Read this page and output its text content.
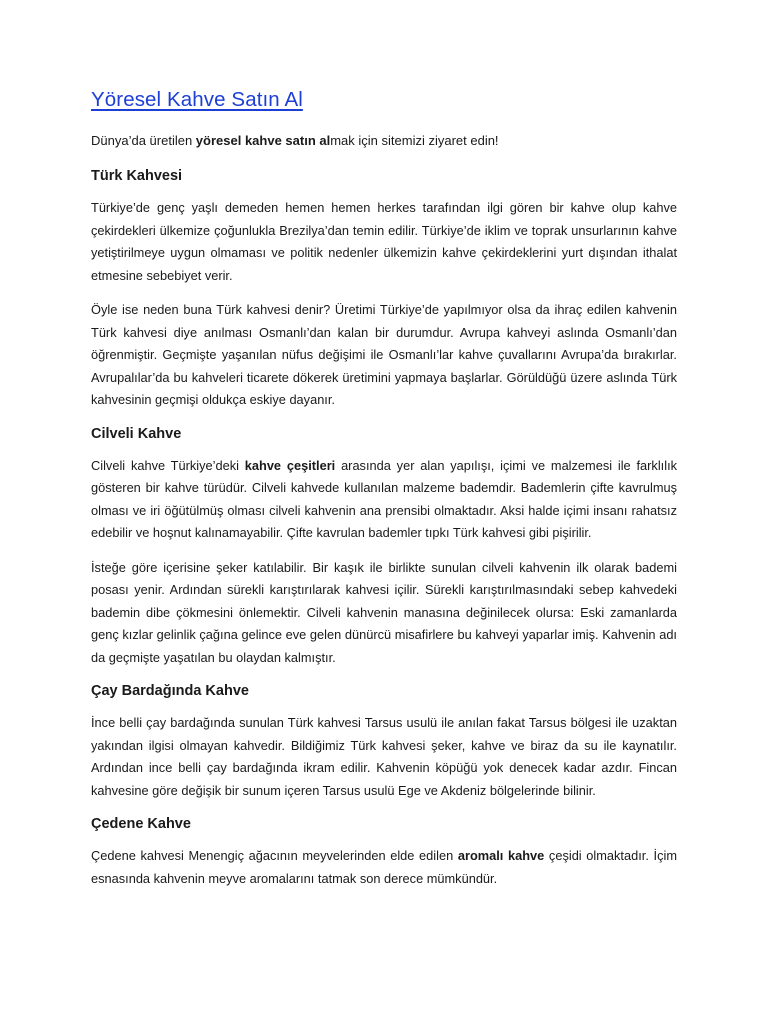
Yöresel Kahve Satın Al

Dünya’da üretilen yöresel kahve satın almak için sitemizi ziyaret edin!

Türk Kahvesi

Türkiye’de genç yaşlı demeden hemen hemen herkes tarafından ilgi gören bir kahve olup kahve çekirdekleri ülkemize çoğunlukla Brezilya’dan temin edilir. Türkiye’de iklim ve toprak unsurlarının kahve yetiştirilmeye uygun olmaması ve politik nedenler ülkemizin kahve çekirdeklerini yurt dışından ithalat etmesine sebebiyet verir.

Öyle ise neden buna Türk kahvesi denir? Üretimi Türkiye’de yapılmıyor olsa da ihraç edilen kahvenin Türk kahvesi diye anılması Osmanlı’dan kalan bir durumdur. Avrupa kahveyi aslında Osmanlı’dan öğrenmiştir. Geçmişte yaşanılan nüfus değişimi ile Osmanlı’lar kahve çuvallarını Avrupa’da bırakırlar. Avrupalılar’da bu kahveleri ticarete dökerek üretimini yapmaya başlarlar. Görüldüğü üzere aslında Türk kahvesinin geçmişi oldukça eskiye dayanır.

Cilveli Kahve

Cilveli kahve Türkiye’deki kahve çeşitleri arasında yer alan yapılışı, içimi ve malzemesi ile farklılık gösteren bir kahve türüdür. Cilveli kahvede kullanılan malzeme bademdir. Bademlerin çifte kavrulmuş olması ve iri öğütülmüş olması cilveli kahvenin ana prensibi olmaktadır. Aksi halde içimi insanı rahatsız edebilir ve hoşnut kalınamayabilir. Çifte kavrulan bademler tıpkı Türk kahvesi gibi pişirilir.

İsteğe göre içerisine şeker katılabilir. Bir kaşık ile birlikte sunulan cilveli kahvenin ilk olarak bademi posası yenir. Ardından sürekli karıştırılarak kahvesi içilir. Sürekli karıştırılmasındaki sebep kahvedeki bademin dibe çökmesini önlemektir. Cilveli kahvenin manasına değinilecek olursa: Eski zamanlarda genç kızlar gelinlik çağına gelince eve gelen dünürcü misafirlere bu kahveyi yaparlar imiş. Kahvenin adı da geçmişte yaşatılan bu olaydan kalmıştır.

Çay Bardağında Kahve

İnce belli çay bardağında sunulan Türk kahvesi Tarsus usulü ile anılan fakat Tarsus bölgesi ile uzaktan yakından ilgisi olmayan kahvedir. Bildiğimiz Türk kahvesi şeker, kahve ve biraz da su ile kaynatılır. Ardından ince belli çay bardağında ikram edilir. Kahvenin köpüğü yok denecek kadar azdır. Fincan kahvesine göre değişik bir sunum içeren Tarsus usulü Ege ve Akdeniz bölgelerinde bilinir.

Çedene Kahve

Çedene kahvesi Menengiç ağacının meyvelerinden elde edilen aromalı kahve çeşidi olmaktadır. İçim esnasında kahvenin meyve aromalarını tatmak son derece mümkündür.
